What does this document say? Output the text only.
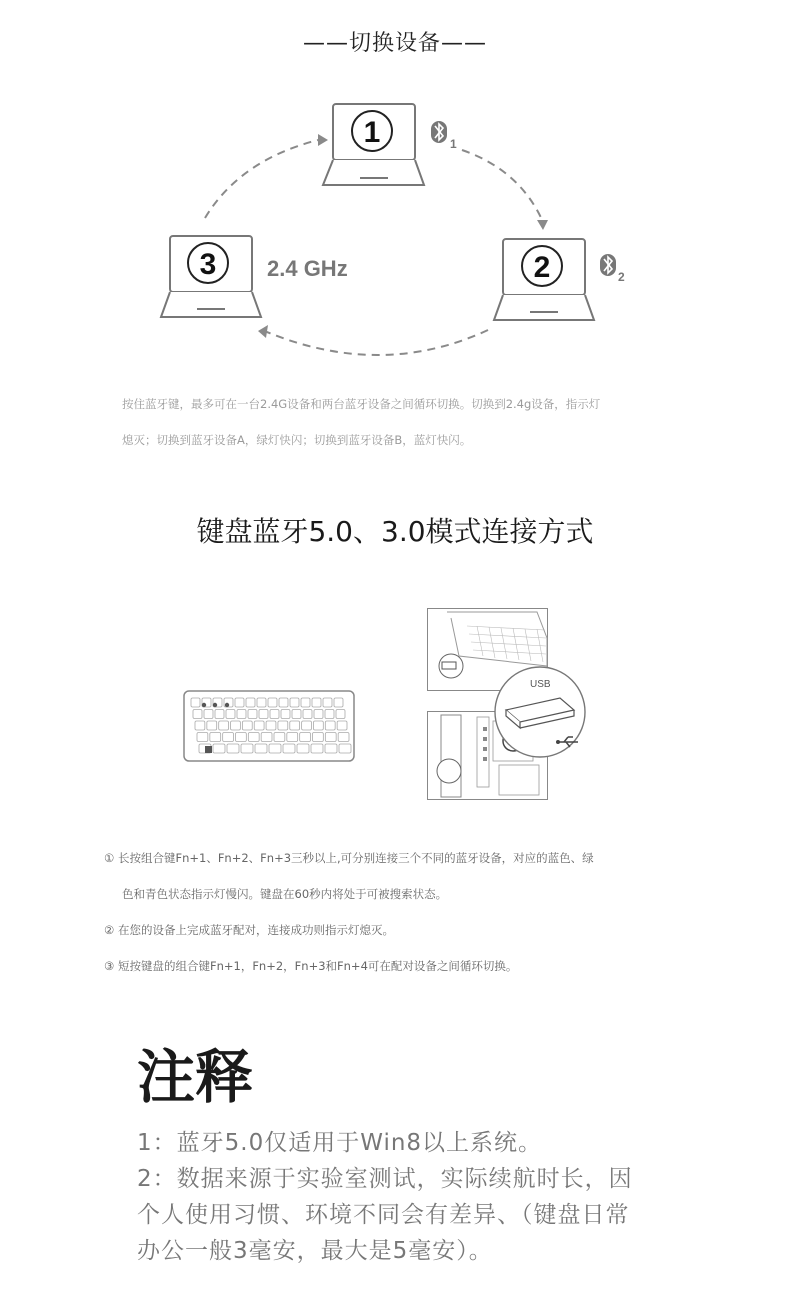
——切换设备——
1
2
3
1
2
2.4 GHz
按住蓝牙键，最多可在一台2.4G设备和两台蓝牙设备之间循环切换。切换到2.4g设备，指示灯
熄灭；切换到蓝牙设备A，绿灯快闪；切换到蓝牙设备B，蓝灯快闪。
键盘蓝牙5.0、3.0模式连接方式
USB
① 长按组合键Fn+1、Fn+2、Fn+3三秒以上,可分别连接三个不同的蓝牙设备，对应的蓝色、绿
色和青色状态指示灯慢闪。键盘在60秒内将处于可被搜索状态。
② 在您的设备上完成蓝牙配对，连接成功则指示灯熄灭。
③ 短按键盘的组合键Fn+1，Fn+2，Fn+3和Fn+4可在配对设备之间循环切换。
注释
1：蓝牙5.0仅适用于Win8以上系统。
2：数据来源于实验室测试，实际续航时长，因
个人使用习惯、环境不同会有差异、（键盘日常
办公一般3毫安，最大是5毫安）。
